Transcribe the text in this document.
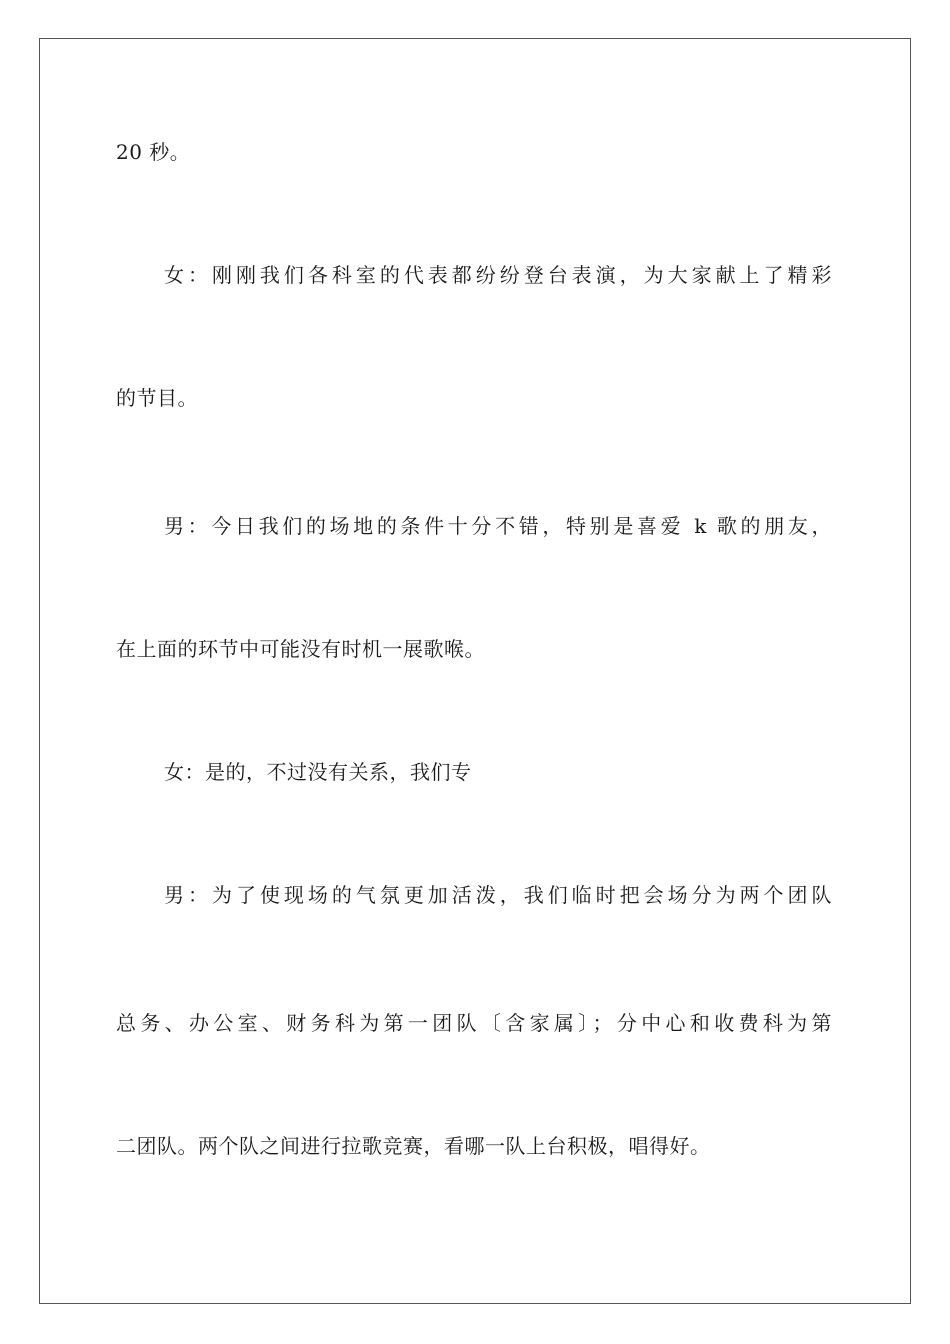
20 秒。
女：刚刚我们各科室的代表都纷纷登台表演，为大家献上了精彩
的节目。
男：今日我们的场地的条件十分不错，特别是喜爱 k 歌的朋友，
在上面的环节中可能没有时机一展歌喉。
女：是的，不过没有关系，我们专
男：为了使现场的气氛更加活泼，我们临时把会场分为两个团队
总务、办公室、财务科为第一团队〔含家属〕；分中心和收费科为第
二团队。两个队之间进行拉歌竞赛，看哪一队上台积极，唱得好。
